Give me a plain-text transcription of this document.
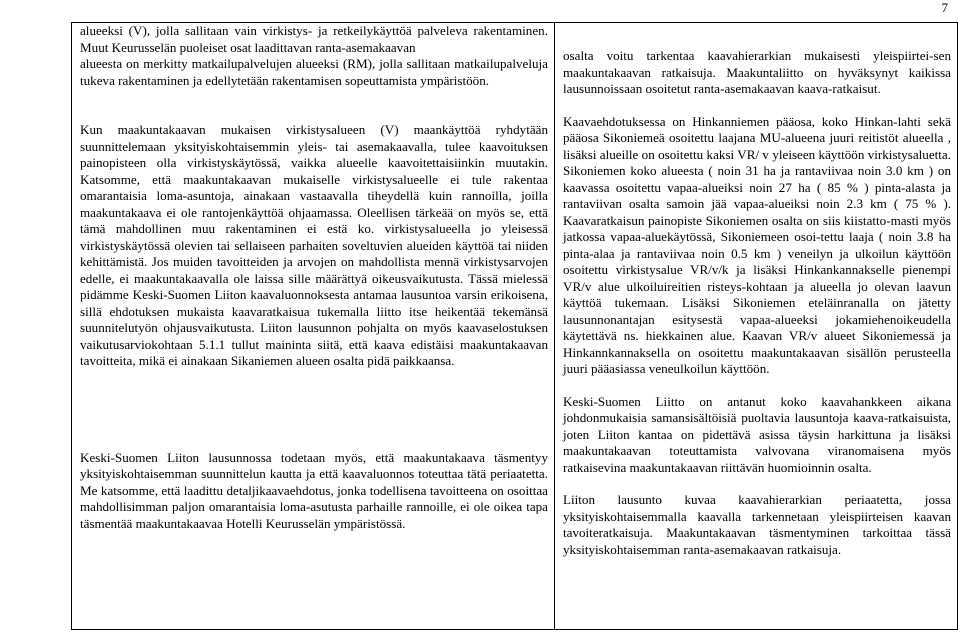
7

alueeksi (V), jolla sallitaan vain virkistys- ja retkeilykäyttöä palveleva rakentaminen. Muut Keurusselän puoleiset osat laadittavan ranta-asemakaavan

alueesta on merkitty matkailupalvelujen alueeksi (RM), jolla sallitaan matkailupalveluja tukeva rakentaminen ja edellytetään rakentamisen sopeuttamista ympäristöön.

Kun maakuntakaavan mukaisen virkistysalueen (V) maankäyttöä ryhdytään suunnittelemaan yksityiskohtaisemmin yleis- tai asemakaavalla, tulee kaavoituksen painopisteen olla virkistyskäytössä, vaikka alueelle kaavoitettaisiinkin muutakin. Katsomme, että maakuntakaavan mukaiselle virkistysalueelle ei tule rakentaa omarantaisia loma-asuntoja, ainakaan vastaavalla tiheydellä kuin rannoilla, joilla maakuntakaava ei ole rantojenkäyttöä ohjaamassa. Oleellisen tärkeää on myös se, että tämä mahdollinen muu rakentaminen ei estä ko. virkistysalueella jo yleisessä virkistyskäytössä olevien tai sellaiseen parhaiten soveltuvien alueiden käyttöä tai niiden kehittämistä. Jos muiden tavoitteiden ja arvojen on mahdollista mennä virkistysarvojen edelle, ei maakuntakaavalla ole laissa sille määrättyä oikeusvaikutusta. Tässä mielessä pidämme Keski-Suomen Liiton kaavaluonnoksesta antamaa lausuntoa varsin erikoisena, sillä ehdotuksen mukaista kaavaratkaisua tukemalla liitto itse heikentää tekemänsä suunnitelutyön ohjausvaikutusta. Liiton lausunnon pohjalta on myös kaavaselostuksen vaikutusarviokohtaan 5.1.1 tullut maininta siitä, että kaava edistäisi maakuntakaavan tavoitteita, mikä ei ainakaan Sikaniemen alueen osalta pidä paikkaansa.

Keski-Suomen Liiton lausunnossa todetaan myös, että maakuntakaava täsmentyy yksityiskohtaisemman suunnittelun kautta ja että kaavaluonnos toteuttaa tätä periaatetta. Me katsomme, että laadittu detaljikaavaehdotus, jonka todellisena tavoitteena on osoittaa mahdollisimman paljon omarantaisia loma-asutusta parhaille rannoille, ei ole oikea tapa täsmentää maakuntakaavaa Hotelli Keurusselän ympäristössä.

osalta voitu tarkentaa kaavahierarkian mukaisesti yleispiirtei-sen maakuntakaavan ratkaisuja. Maakuntaliitto on hyväksynyt kaikissa lausunnoissaan osoitetut ranta-asemakaavan kaava-ratkaisut.

Kaavaehdotuksessa on Hinkanniemen pääosa, koko Hinkan-lahti sekä pääosa Sikoniemeä osoitettu laajana MU-alueena juuri reitistöt alueella , lisäksi alueille on osoitettu kaksi VR/ v yleiseen käyttöön virkistysaluetta. Sikoniemen koko alueesta ( noin 31 ha ja rantaviivaa noin 3.0 km ) on kaavassa osoitettu vapaa-alueiksi noin 27 ha ( 85 % ) pinta-alasta ja rantaviivan osalta samoin jää vapaa-alueiksi noin 2.3 km ( 75 % ). Kaavaratkaisun painopiste Sikoniemen osalta on siis kiistatto-masti myös jatkossa vapaa-aluekäytössä, Sikoniemeen osoi-tettu laaja ( noin 3.8 ha pinta-alaa ja rantaviivaa noin 0.5 km ) veneilyn ja ulkoilun käyttöön osoitettu virkistysalue VR/v/k ja lisäksi Hinkankannakselle pienempi VR/v alue ulkoiluireitien risteys-kohtaan ja alueella jo olevan laavun käyttöä tukemaan. Lisäksi Sikoniemen eteläinranalla on jätetty lausunnonantajan esitysestä vapaa-alueeksi jokamiehenoikeudella käytettävä ns. hiekkainen alue. Kaavan VR/v alueet Sikoniemessä ja Hinkannkannaksella on osoitettu maakuntakaavan sisällön perusteella juuri pääasiassa veneulkoilun käyttöön.

Keski-Suomen Liitto on antanut koko kaavahankkeen aikana johdonmukaisia samansisältöisiä puoltavia lausuntoja kaava-ratkaisuista, joten Liiton kantaa on pidettävä asissa täysin harkittuna ja lisäksi maakuntakaavan toteuttamista valvovana viranomaisena myös ratkaisevina maakuntakaavan riittävän huomioinnin osalta.

Liiton lausunto kuvaa kaavahierarkian periaatetta, jossa yksityiskohtaisemmalla kaavalla tarkennetaan yleispiirteisen kaavan tavoiteratkaisuja. Maakuntakaavan täsmentyminen tarkoittaa tässä yksityiskohtaisemman ranta-asemakaavan ratkaisuja.
